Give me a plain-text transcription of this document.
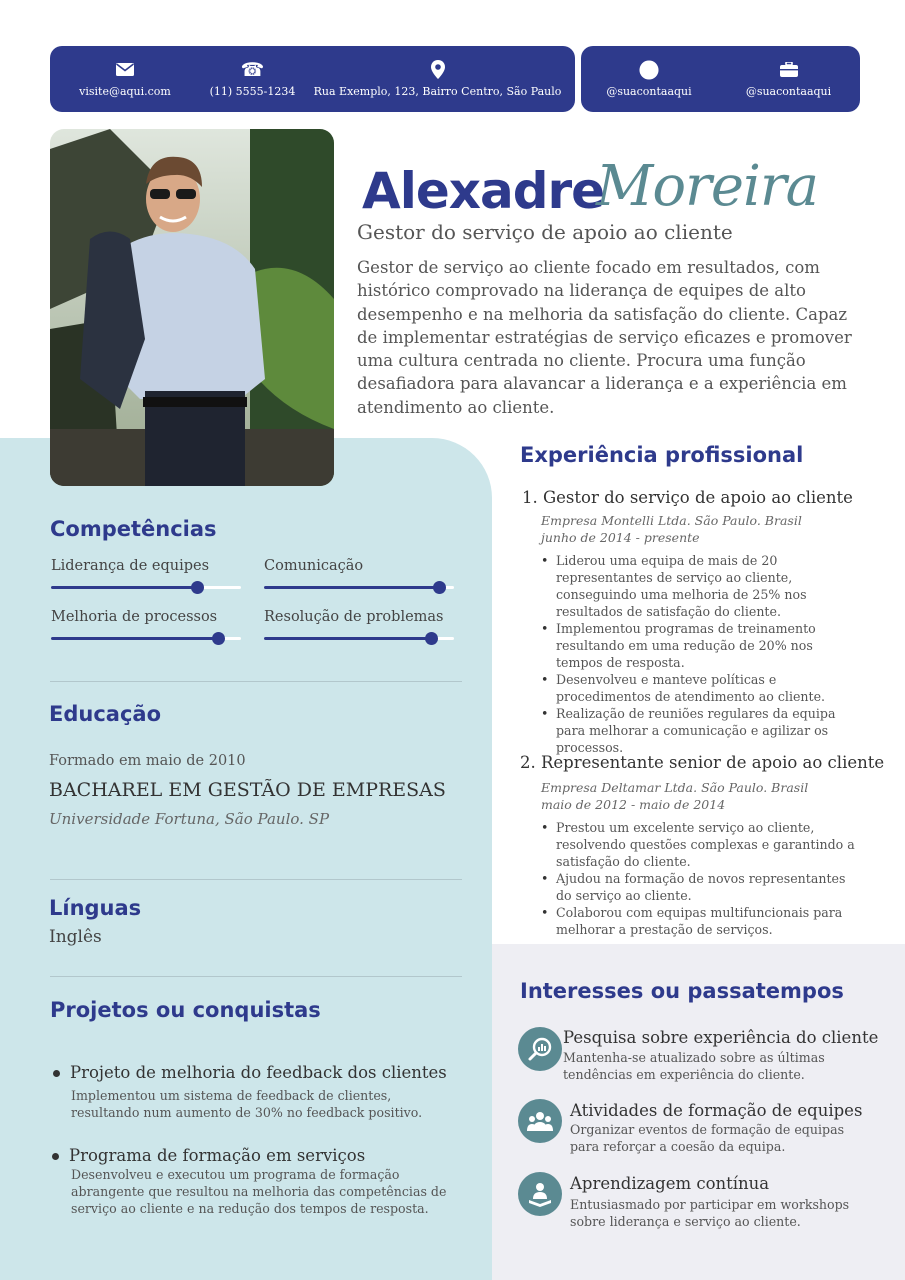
visite@aqui.com
☎
(11) 5555-1234 Rua Exemplo, 123, Bairro Centro, São Paulo	@suacontaaqui	@suacontaaqui
Alexadre
Moreira
Gestor do serviço de apoio ao cliente
Gestor de serviço ao cliente focado em resultados, com histórico comprovado na liderança de equipes de alto desempenho e na melhoria da satisfação do cliente. Capaz de implementar estratégias de serviço eficazes e promover uma cultura centrada no cliente. Procura uma função desafiadora para alavancar a liderança e a experiência em atendimento ao cliente.
Competências
Liderança de equipes	Comunicação
Melhoria de processos	Resolução de problemas
Educação
Formado em maio de 2010
BACHAREL EM GESTÃO DE EMPRESAS
Universidade Fortuna, São Paulo. SP
Línguas
Inglês
Projetos ou conquistas
Projeto de melhoria do feedback dos clientes
Implementou um sistema de feedback de clientes, resultando num aumento de 30% no feedback positivo.
Programa de formação em serviços
Desenvolveu e executou um programa de formação abrangente que resultou na melhoria das competências de serviço ao cliente e na redução dos tempos de resposta.
Experiência profissional
1. Gestor do serviço de apoio ao cliente
Empresa Montelli Ltda. São Paulo. Brasil
junho de 2014 - presente
• Liderou uma equipa de mais de 20 representantes de serviço ao cliente, conseguindo uma melhoria de 25% nos resultados de satisfação do cliente.
• Implementou programas de treinamento resultando em uma redução de 20% nos tempos de resposta.
• Desenvolveu e manteve políticas e procedimentos de atendimento ao cliente.
• Realização de reuniões regulares da equipa para melhorar a comunicação e agilizar os processos.
2. Representante senior de apoio ao cliente
Empresa Deltamar Ltda. São Paulo. Brasil
maio de 2012 - maio de 2014
• Prestou um excelente serviço ao cliente, resolvendo questões complexas e garantindo a satisfação do cliente.
• Ajudou na formação de novos representantes do serviço ao cliente.
• Colaborou com equipas multifuncionais para melhorar a prestação de serviços.
Interesses ou passatempos
Pesquisa sobre experiência do cliente
Mantenha-se atualizado sobre as últimas tendências em experiência do cliente.
Atividades de formação de equipes
Organizar eventos de formação de equipas para reforçar a coesão da equipa.
Aprendizagem contínua
Entusiasmado por participar em workshops sobre liderança e serviço ao cliente.
